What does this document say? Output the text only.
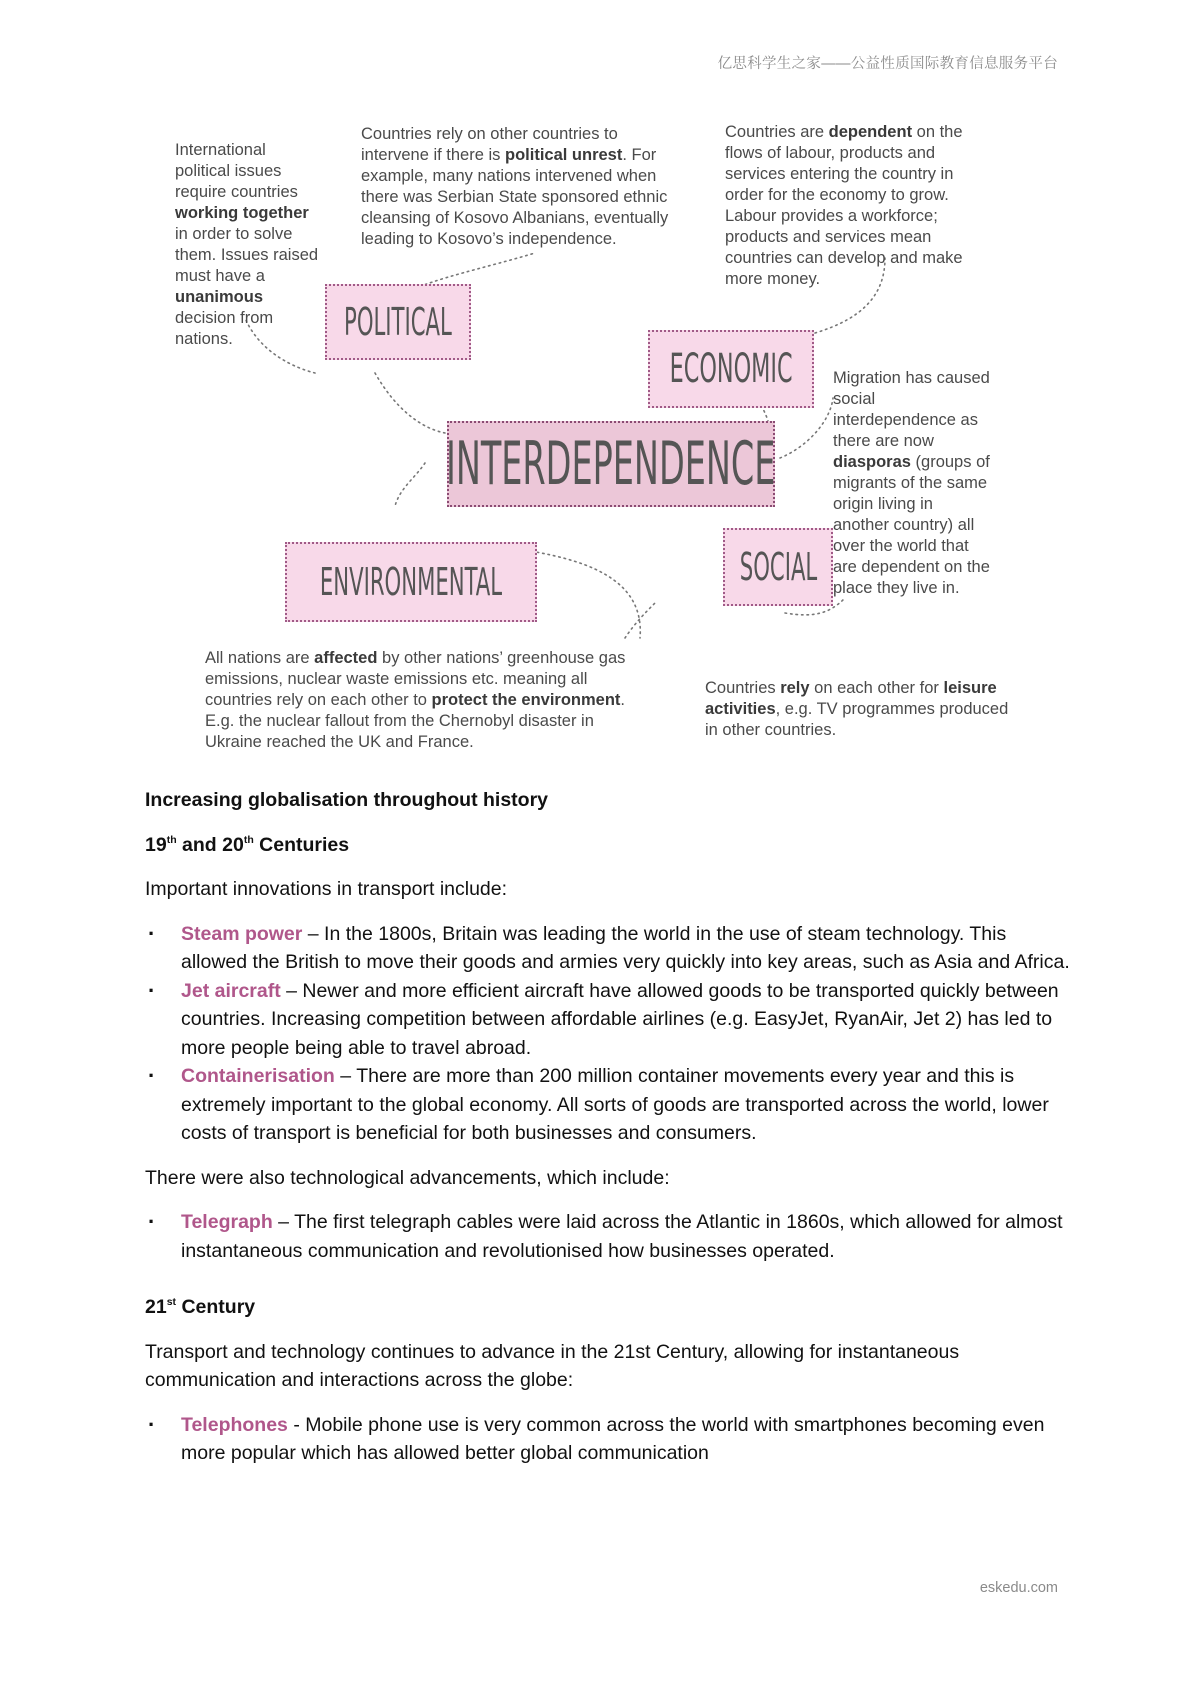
亿思科学生之家——公益性质国际教育信息服务平台
International political issues require countries working together in order to solve them. Issues raised must have a unanimous decision from nations.
Countries rely on other countries to intervene if there is political unrest. For example, many nations intervened when there was Serbian State sponsored ethnic cleansing of Kosovo Albanians, eventually leading to Kosovo’s independence.
Countries are dependent on the flows of labour, products and services entering the country in order for the economy to grow. Labour provides a workforce; products and services mean countries can develop and make more money.
Migration has caused social interdependence as there are now diasporas (groups of migrants of the same origin living in another country) all over the world that are dependent on the place they live in.
All nations are affected by other nations’ greenhouse gas emissions, nuclear waste emissions etc. meaning all countries rely on each other to protect the environment. E.g. the nuclear fallout from the Chernobyl disaster in Ukraine reached the UK and France.
Countries rely on each other for leisure activities, e.g. TV programmes produced in other countries.
POLITICAL
ECONOMIC
INTERDEPENDENCE
ENVIRONMENTAL	SOCIAL

Increasing globalisation throughout history

19th and 20th Centuries

Important innovations in transport include:

· Steam power – In the 1800s, Britain was leading the world in the use of steam technology. This allowed the British to move their goods and armies very quickly into key areas, such as Asia and Africa.
· Jet aircraft – Newer and more efficient aircraft have allowed goods to be transported quickly between countries. Increasing competition between affordable airlines (e.g. EasyJet, RyanAir, Jet 2) has led to more people being able to travel abroad.
· Containerisation – There are more than 200 million container movements every year and this is extremely important to the global economy. All sorts of goods are transported across the world, lower costs of transport is beneficial for both businesses and consumers.

There were also technological advancements, which include:

· Telegraph – The first telegraph cables were laid across the Atlantic in 1860s, which allowed for almost instantaneous communication and revolutionised how businesses operated.

21st Century

Transport and technology continues to advance in the 21st Century, allowing for instantaneous communication and interactions across the globe:

· Telephones - Mobile phone use is very common across the world with smartphones becoming even more popular which has allowed better global communication
eskedu.com
